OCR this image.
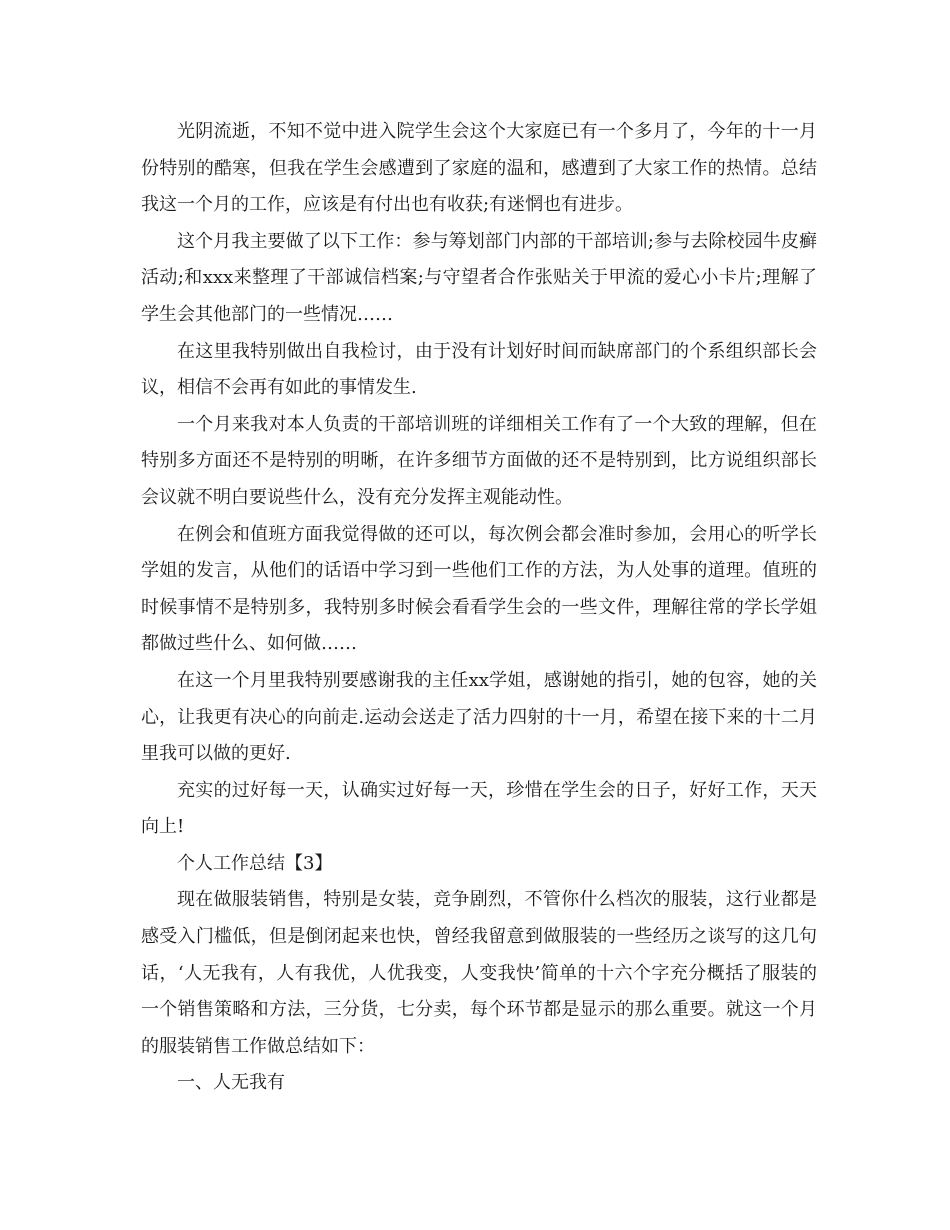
光阴流逝，不知不觉中进入院学生会这个大家庭已有一个多月了，今年的十一月份特别的酷寒，但我在学生会感遭到了家庭的温和，感遭到了大家工作的热情。总结我这一个月的工作，应该是有付出也有收获;有迷惘也有进步。

这个月我主要做了以下工作：参与筹划部门内部的干部培训;参与去除校园牛皮癣活动;和xxx来整理了干部诚信档案;与守望者合作张贴关于甲流的爱心小卡片;理解了学生会其他部门的一些情况……

在这里我特别做出自我检讨，由于没有计划好时间而缺席部门的个系组织部长会议，相信不会再有如此的事情发生.

一个月来我对本人负责的干部培训班的详细相关工作有了一个大致的理解，但在特别多方面还不是特别的明晰，在许多细节方面做的还不是特别到，比方说组织部长会议就不明白要说些什么，没有充分发挥主观能动性。

在例会和值班方面我觉得做的还可以，每次例会都会准时参加，会用心的听学长学姐的发言，从他们的话语中学习到一些他们工作的方法，为人处事的道理。值班的时候事情不是特别多，我特别多时候会看看学生会的一些文件，理解往常的学长学姐都做过些什么、如何做……

在这一个月里我特别要感谢我的主任xx学姐，感谢她的指引，她的包容，她的关心，让我更有决心的向前走.运动会送走了活力四射的十一月，希望在接下来的十二月里我可以做的更好.

充实的过好每一天，认确实过好每一天，珍惜在学生会的日子，好好工作，天天向上!

个人工作总结【3】

现在做服装销售，特别是女装，竞争剧烈，不管你什么档次的服装，这行业都是感受入门槛低，但是倒闭起来也快，曾经我留意到做服装的一些经历之谈写的这几句话，‘人无我有，人有我优，人优我变，人变我快’简单的十六个字充分概括了服装的一个销售策略和方法，三分货，七分卖，每个环节都是显示的那么重要。就这一个月的服装销售工作做总结如下：

一、人无我有
